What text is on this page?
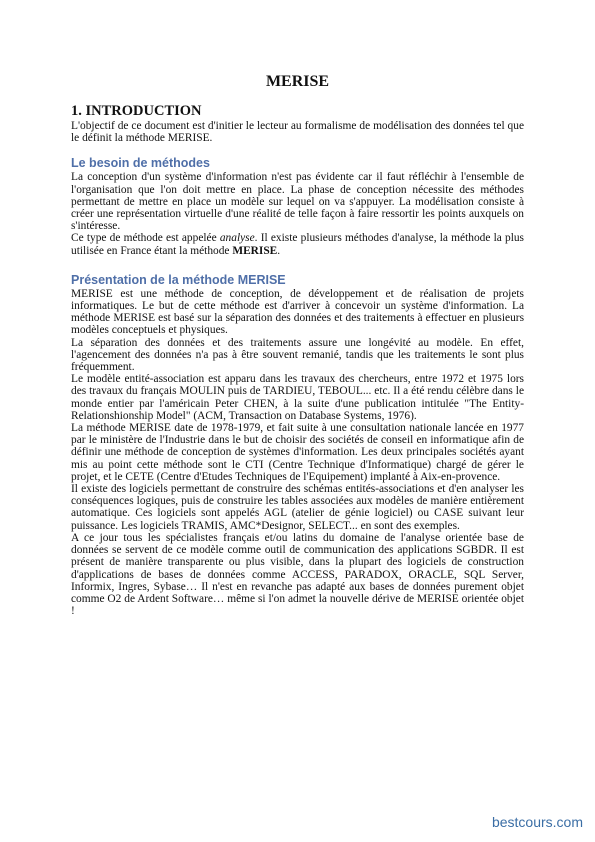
MERISE
1. INTRODUCTION

L'objectif de ce document est d'initier le lecteur au formalisme de modélisation des données tel que le définit la méthode MERISE.

Le besoin de méthodes

La conception d'un système d'information n'est pas évidente car il faut réfléchir à l'ensemble de l'organisation que l'on doit mettre en place. La phase de conception nécessite des méthodes permettant de mettre en place un modèle sur lequel on va s'appuyer. La modélisation consiste à créer une représentation virtuelle d'une réalité de telle façon à faire ressortir les points auxquels on s'intéresse.

Ce type de méthode est appelée analyse. Il existe plusieurs méthodes d'analyse, la méthode la plus utilisée en France étant la méthode MERISE.

Présentation de la méthode MERISE

MERISE est une méthode de conception, de développement et de réalisation de projets informatiques. Le but de cette méthode est d'arriver à concevoir un système d'information. La méthode MERISE est basé sur la séparation des données et des traitements à effectuer en plusieurs modèles conceptuels et physiques.

La séparation des données et des traitements assure une longévité au modèle. En effet, l'agencement des données n'a pas à être souvent remanié, tandis que les traitements le sont plus fréquemment.

Le modèle entité-association est apparu dans les travaux des chercheurs, entre 1972 et 1975 lors des travaux du français MOULIN puis de TARDIEU, TEBOUL... etc. Il a été rendu célèbre dans le monde entier par l'américain Peter CHEN, à la suite d'une publication intitulée "The Entity-Relationshionship Model" (ACM, Transaction on Database Systems, 1976).

La méthode MERISE date de 1978-1979, et fait suite à une consultation nationale lancée en 1977 par le ministère de l'Industrie dans le but de choisir des sociétés de conseil en informatique afin de définir une méthode de conception de systèmes d'information. Les deux principales sociétés ayant mis au point cette méthode sont le CTI (Centre Technique d'Informatique) chargé de gérer le projet, et le CETE (Centre d'Etudes Techniques de l'Equipement) implanté à Aix-en-provence.

Il existe des logiciels permettant de construire des schémas entités-associations et d'en analyser les conséquences logiques, puis de construire les tables associées aux modèles de manière entièrement automatique. Ces logiciels sont appelés AGL (atelier de génie logiciel) ou CASE suivant leur puissance. Les logiciels TRAMIS, AMC*Designor, SELECT... en sont des exemples.

A ce jour tous les spécialistes français et/ou latins du domaine de l'analyse orientée base de données se servent de ce modèle comme outil de communication des applications SGBDR. Il est présent de manière transparente ou plus visible, dans la plupart des logiciels de construction d'applications de bases de données comme ACCESS, PARADOX, ORACLE, SQL Server, Informix, Ingres, Sybase… Il n'est en revanche pas adapté aux bases de données purement objet comme O2 de Ardent Software… même si l'on admet la nouvelle dérive de MERISE orientée objet !

bestcours.com
